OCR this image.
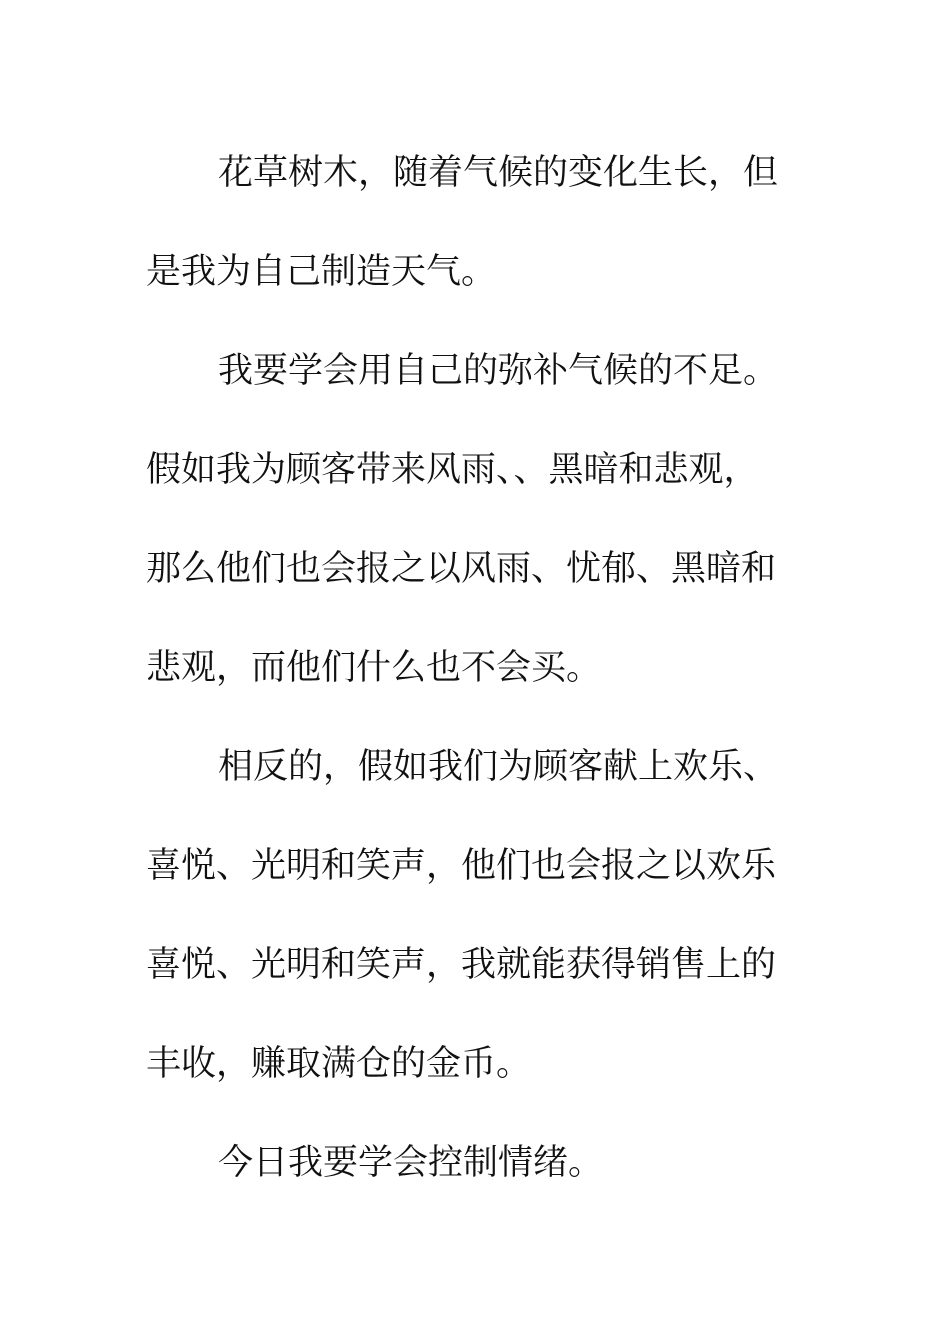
花草树木，随着气候的变化生长，但
是我为自己制造天气。
我要学会用自己的弥补气候的不足。
假如我为顾客带来风雨、、黑暗和悲观，
那么他们也会报之以风雨、忧郁、黑暗和
悲观，而他们什么也不会买。
相反的，假如我们为顾客献上欢乐、
喜悦、光明和笑声，他们也会报之以欢乐
喜悦、光明和笑声，我就能获得销售上的
丰收，赚取满仓的金币。
今日我要学会控制情绪。
